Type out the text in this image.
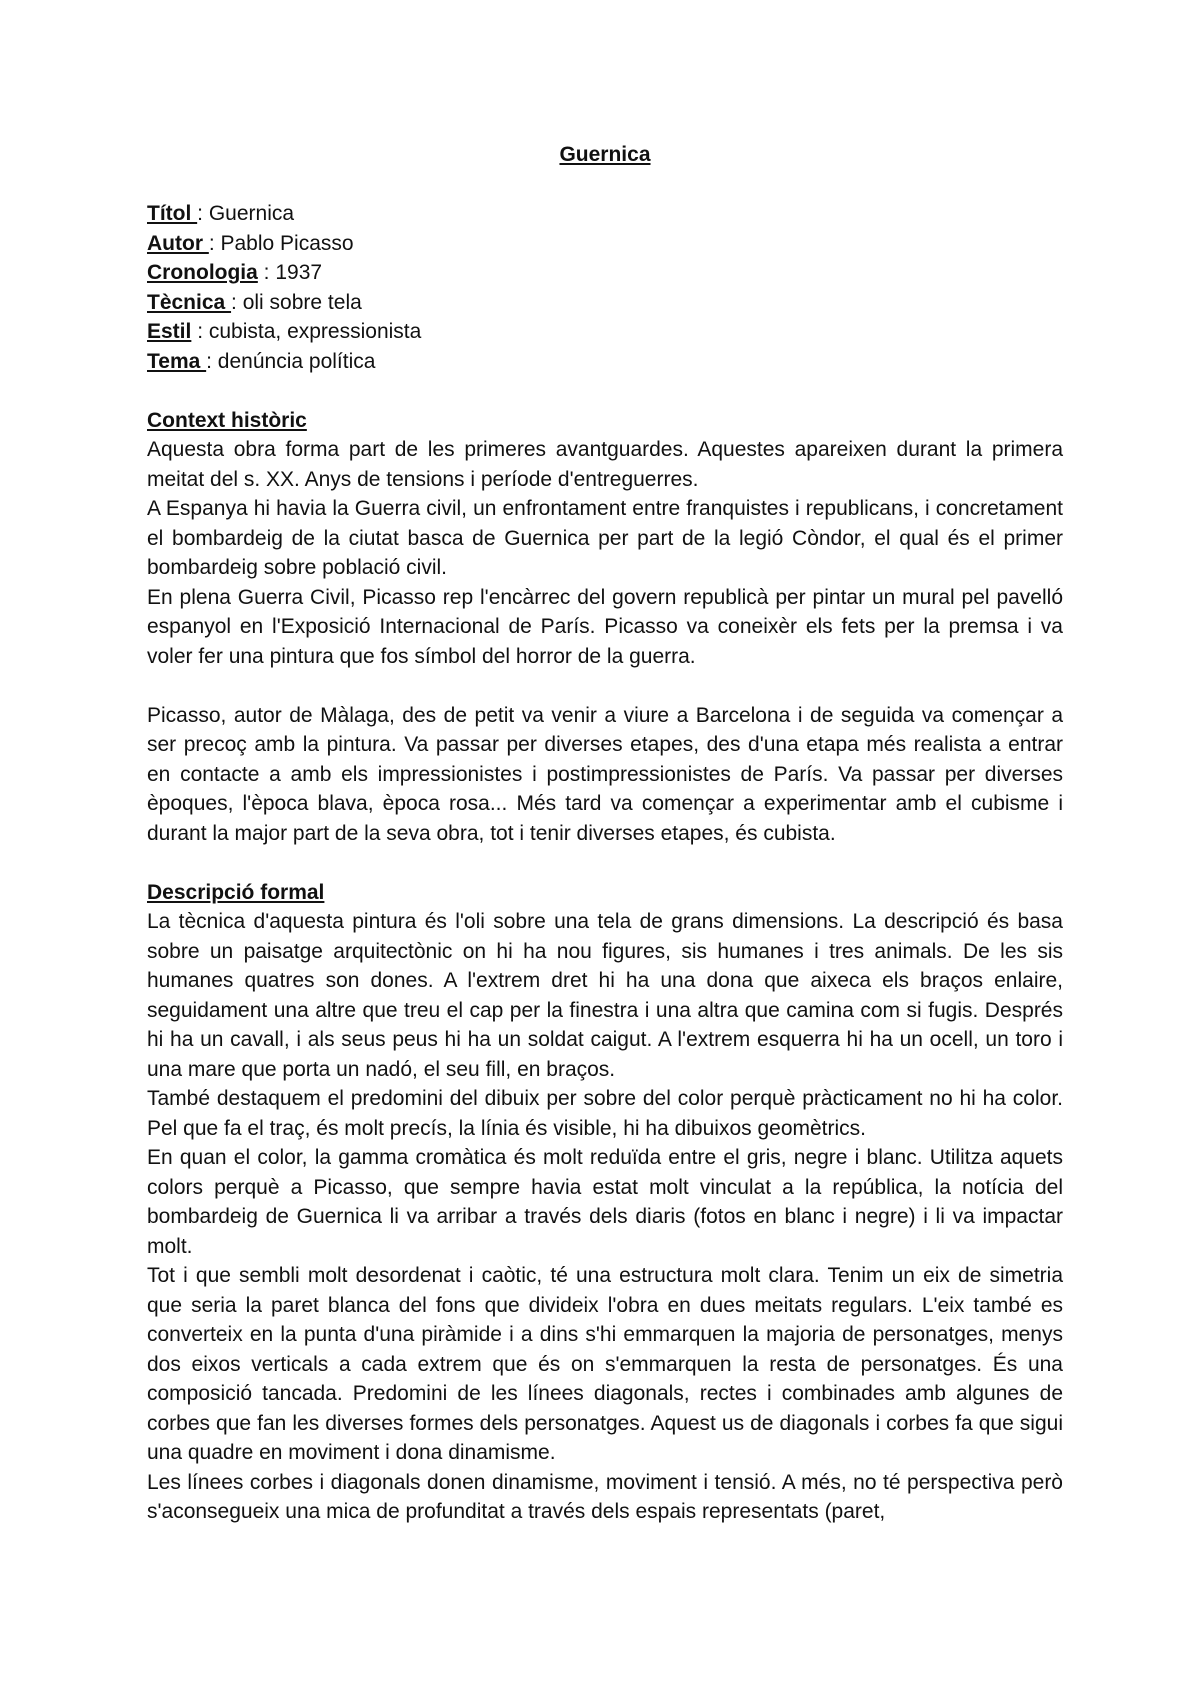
Guernica

Títol : Guernica

Autor : Pablo Picasso

Cronologia : 1937

Tècnica : oli sobre tela

Estil : cubista, expressionista

Tema : denúncia política

Context històric

Aquesta obra forma part de les primeres avantguardes. Aquestes apareixen durant la primera meitat del s. XX. Anys de tensions i període d'entreguerres.

A Espanya hi havia la Guerra civil, un enfrontament entre franquistes i republicans, i concretament el bombardeig de la ciutat basca de Guernica per part de la legió Còndor, el qual és el primer bombardeig sobre població civil.

En plena Guerra Civil, Picasso rep l'encàrrec del govern republicà per pintar un mural pel pavelló espanyol en l'Exposició Internacional de París. Picasso va coneixèr els fets per la premsa i va voler fer una pintura que fos símbol del horror de la guerra.

Picasso, autor de Màlaga, des de petit va venir a viure a Barcelona i de seguida va començar a ser precoç amb la pintura. Va passar per diverses etapes, des d'una etapa més realista a entrar en contacte a amb els impressionistes i postimpressionistes de París. Va passar per diverses èpoques, l'època blava, època rosa... Més tard va començar a experimentar amb el cubisme i durant la major part de la seva obra, tot i tenir diverses etapes, és cubista.

Descripció formal

La tècnica d'aquesta pintura és l'oli sobre una tela de grans dimensions. La descripció és basa sobre un paisatge arquitectònic on hi ha nou figures, sis humanes i tres animals. De les sis humanes quatres son dones. A l'extrem dret hi ha una dona que aixeca els braços enlaire, seguidament una altre que treu el cap per la finestra i una altra que camina com si fugis. Després hi ha un cavall, i als seus peus hi ha un soldat caigut. A l'extrem esquerra hi ha un ocell, un toro i una mare que porta un nadó, el seu fill, en braços.

També destaquem el predomini del dibuix per sobre del color perquè pràcticament no hi ha color. Pel que fa el traç, és molt precís, la línia és visible, hi ha dibuixos geomètrics.

En quan el color, la gamma cromàtica és molt reduïda entre el gris, negre i blanc. Utilitza aquets colors perquè a Picasso, que sempre havia estat molt vinculat a la república, la notícia del bombardeig de Guernica li va arribar a través dels diaris (fotos en blanc i negre) i li va impactar molt.

Tot i que sembli molt desordenat i caòtic, té una estructura molt clara. Tenim un eix de simetria que seria la paret blanca del fons que divideix l'obra en dues meitats regulars. L'eix també es converteix en la punta d'una piràmide i a dins s'hi emmarquen la majoria de personatges, menys dos eixos verticals a cada extrem que és on s'emmarquen la resta de personatges. És una composició tancada. Predomini de les línees diagonals, rectes i combinades amb algunes de corbes que fan les diverses formes dels personatges. Aquest us de diagonals i corbes fa que sigui una quadre en moviment i dona dinamisme.

Les línees corbes i diagonals donen dinamisme, moviment i tensió. A més, no té perspectiva però s'aconsegueix una mica de profunditat a través dels espais representats (paret,
